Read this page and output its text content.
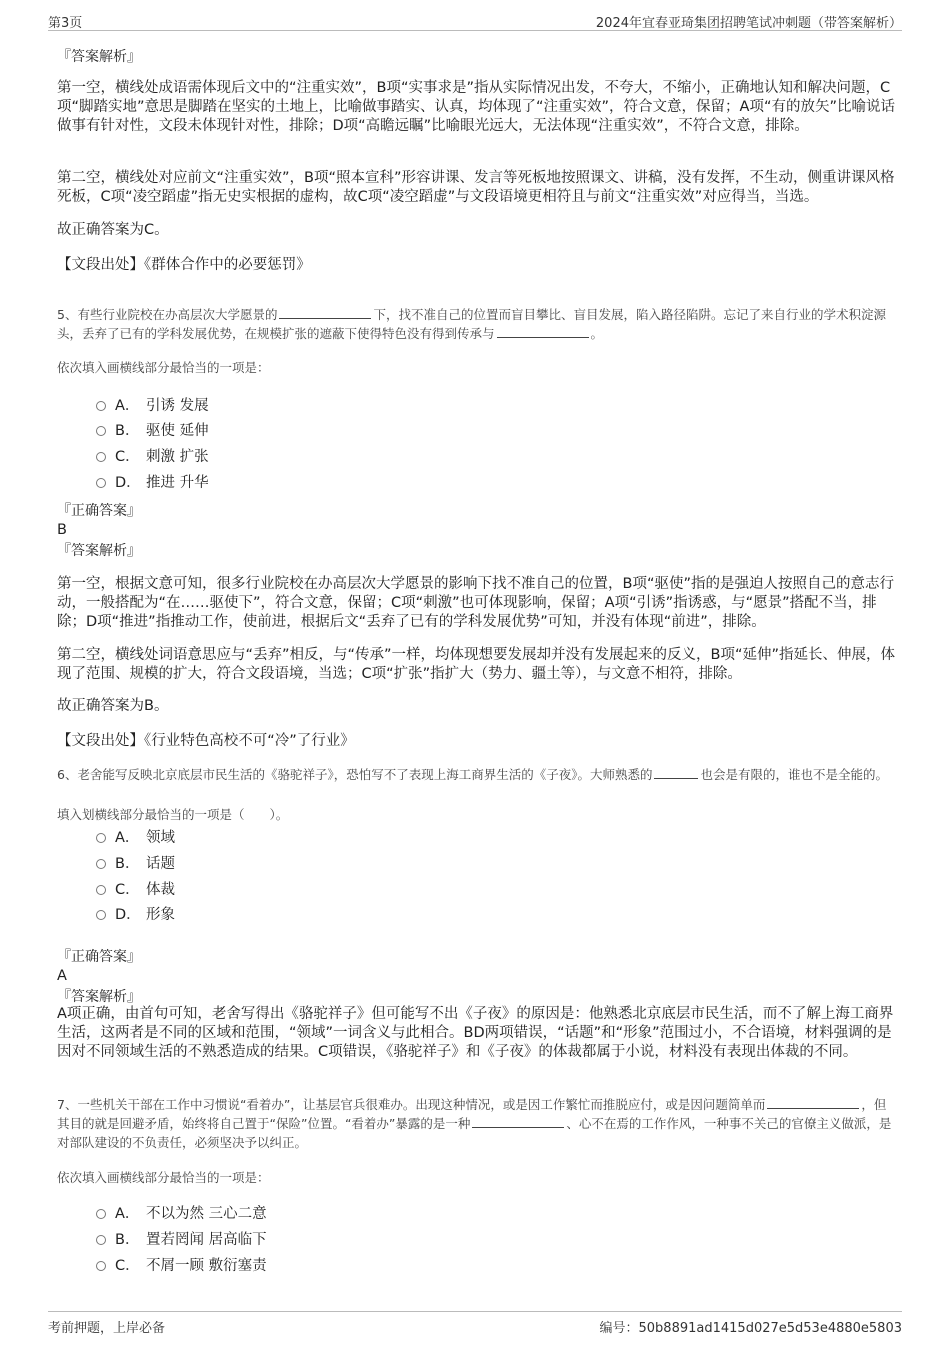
第3页	2024年宜春亚琦集团招聘笔试冲刺题（带答案解析）
『答案解析』

第一空，横线处成语需体现后文中的“注重实效”，B项“实事求是”指从实际情况出发，不夸大，不缩小，正确地认知和解决问题，C项“脚踏实地”意思是脚踏在坚实的土地上，比喻做事踏实、认真，均体现了“注重实效”，符合文意，保留；A项“有的放矢”比喻说话做事有针对性，文段未体现针对性，排除；D项“高瞻远瞩”比喻眼光远大，无法体现“注重实效”，不符合文意，排除。

第二空，横线处对应前文“注重实效”，B项“照本宣科”形容讲课、发言等死板地按照课文、讲稿，没有发挥，不生动，侧重讲课风格死板，C项“凌空蹈虚”指无史实根据的虚构，故C项“凌空蹈虚”与文段语境更相符且与前文“注重实效”对应得当，当选。

故正确答案为C。

【文段出处】《群体合作中的必要惩罚》

5、有些行业院校在办高层次大学愿景的	下，找不准自己的位置而盲目攀比、盲目发展，陷入路径陷阱。忘记了来自行业的学术积淀源头，丢弃了已有的学科发展优势，在规模扩张的遮蔽下使得特色没有得到传承与	。

依次填入画横线部分最恰当的一项是：

A． 引诱 发展
B． 驱使 延伸
C． 刺激 扩张
D． 推进 升华
『正确答案』
B
『答案解析』

第一空，根据文意可知，很多行业院校在办高层次大学愿景的影响下找不准自己的位置，B项“驱使”指的是强迫人按照自己的意志行动，一般搭配为“在……驱使下”，符合文意，保留；C项“刺激”也可体现影响，保留；A项“引诱”指诱惑，与“愿景”搭配不当，排除；D项“推进”指推动工作，使前进，根据后文“丢弃了已有的学科发展优势”可知，并没有体现“前进”，排除。

第二空，横线处词语意思应与“丢弃”相反，与“传承”一样，均体现想要发展却并没有发展起来的反义，B项“延伸”指延长、伸展，体现了范围、规模的扩大，符合文段语境，当选；C项“扩张”指扩大（势力、疆土等），与文意不相符，排除。

故正确答案为B。

【文段出处】《行业特色高校不可“冷”了行业》

6、老舍能写反映北京底层市民生活的《骆驼祥子》，恐怕写不了表现上海工商界生活的《子夜》。大师熟悉的	也会是有限的，谁也不是全能的。

填入划横线部分最恰当的一项是（　　）。

A． 领域
B． 话题
C． 体裁
D． 形象
『正确答案』
A
『答案解析』

A项正确，由首句可知，老舍写得出《骆驼祥子》但可能写不出《子夜》的原因是：他熟悉北京底层市民生活，而不了解上海工商界生活，这两者是不同的区域和范围，“领域”一词含义与此相合。BD两项错误，“话题”和“形象”范围过小，不合语境，材料强调的是因对不同领域生活的不熟悉造成的结果。C项错误，《骆驼祥子》和《子夜》的体裁都属于小说，材料没有表现出体裁的不同。

7、一些机关干部在工作中习惯说“看着办”，让基层官兵很难办。出现这种情况，或是因工作繁忙而推脱应付，或是因问题简单而	，但其目的就是回避矛盾，始终将自己置于“保险”位置。“看着办”暴露的是一种	、心不在焉的工作作风，一种事不关己的官僚主义做派，是对部队建设的不负责任，必须坚决予以纠正。

依次填入画横线部分最恰当的一项是：

A． 不以为然 三心二意
B． 置若罔闻 居高临下
C． 不屑一顾 敷衍塞责
考前押题，上岸必备	编号：50b8891ad1415d027e5d53e4880e5803
